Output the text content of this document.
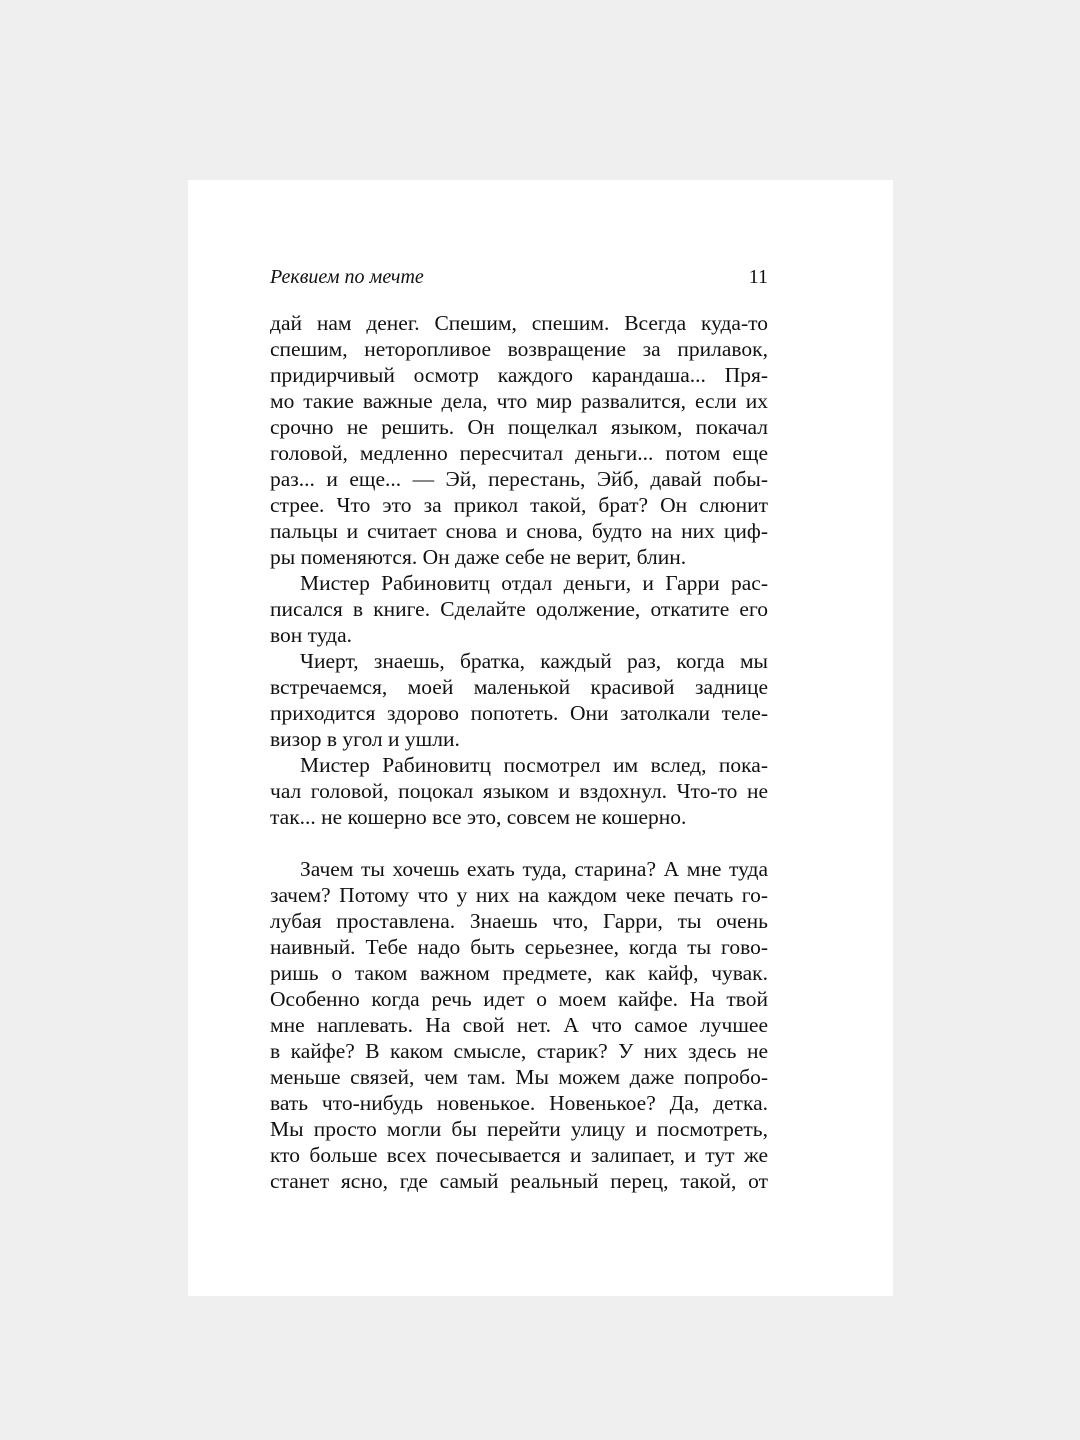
Реквием по мечте	11
дай нам денег. Спешим, спешим. Всегда куда-то
спешим, неторопливое возвращение за прилавок,
придирчивый осмотр каждого карандаша... Пря-
мо такие важные дела, что мир развалится, если их
срочно не решить. Он пощелкал языком, покачал
головой, медленно пересчитал деньги... потом еще
раз... и еще... — Эй, перестань, Эйб, давай побы-
стрее. Что это за прикол такой, брат? Он слюнит
пальцы и считает снова и снова, будто на них циф-
ры поменяются. Он даже себе не верит, блин.
Мистер Рабиновитц отдал деньги, и Гарри рас-
писался в книге. Сделайте одолжение, откатите его
вон туда.
Чиерт, знаешь, братка, каждый раз, когда мы
встречаемся, моей маленькой красивой заднице
приходится здорово попотеть. Они затолкали теле-
визор в угол и ушли.
Мистер Рабиновитц посмотрел им вслед, пока-
чал головой, поцокал языком и вздохнул. Что-то не
так... не кошерно все это, совсем не кошерно.
Зачем ты хочешь ехать туда, старина? А мне туда
зачем? Потому что у них на каждом чеке печать го-
лубая проставлена. Знаешь что, Гарри, ты очень
наивный. Тебе надо быть серьезнее, когда ты гово-
ришь о таком важном предмете, как кайф, чувак.
Особенно когда речь идет о моем кайфе. На твой
мне наплевать. На свой нет. А что самое лучшее
в кайфе? В каком смысле, старик? У них здесь не
меньше связей, чем там. Мы можем даже попробо-
вать что-нибудь новенькое. Новенькое? Да, детка.
Мы просто могли бы перейти улицу и посмотреть,
кто больше всех почесывается и залипает, и тут же
станет ясно, где самый реальный перец, такой, от
